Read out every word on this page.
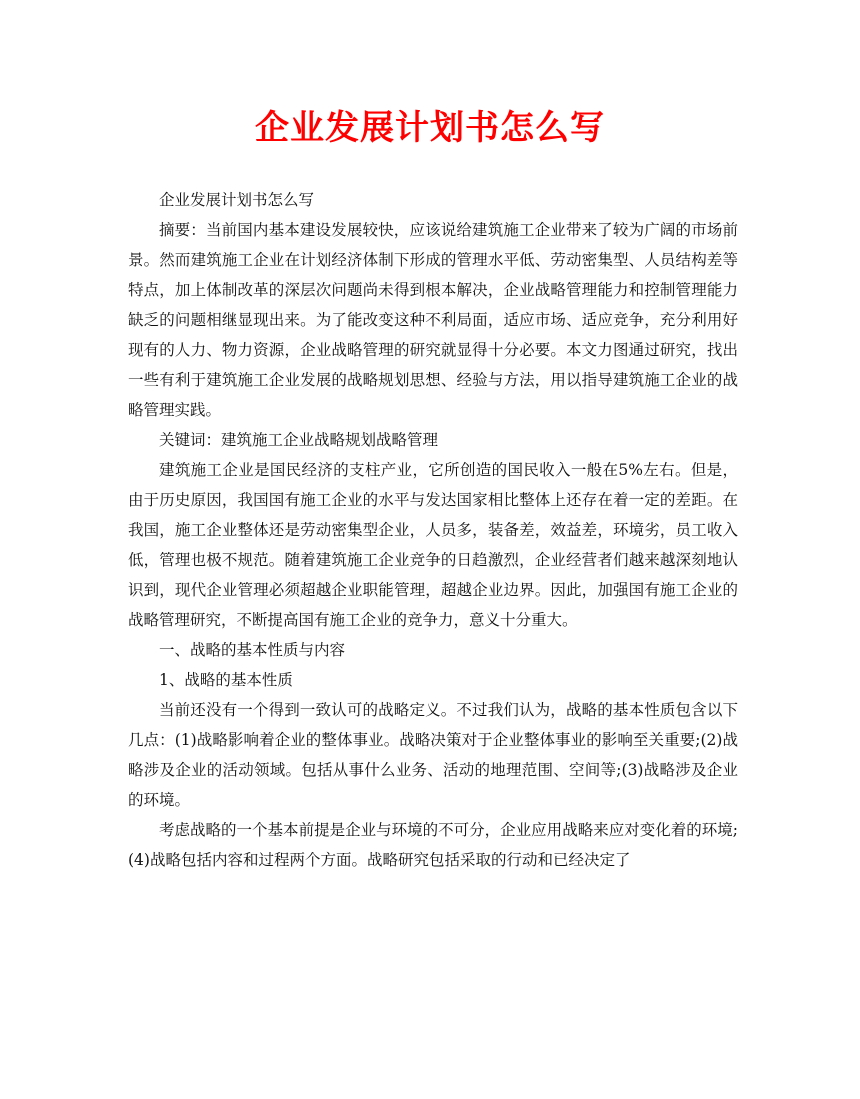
企业发展计划书怎么写

企业发展计划书怎么写

摘要：当前国内基本建设发展较快，应该说给建筑施工企业带来了较为广阔的市场前景。然而建筑施工企业在计划经济体制下形成的管理水平低、劳动密集型、人员结构差等特点，加上体制改革的深层次问题尚未得到根本解决，企业战略管理能力和控制管理能力缺乏的问题相继显现出来。为了能改变这种不利局面，适应市场、适应竞争，充分利用好现有的人力、物力资源，企业战略管理的研究就显得十分必要。本文力图通过研究，找出一些有利于建筑施工企业发展的战略规划思想、经验与方法，用以指导建筑施工企业的战略管理实践。

关键词：建筑施工企业战略规划战略管理

建筑施工企业是国民经济的支柱产业，它所创造的国民收入一般在5%左右。但是，由于历史原因，我国国有施工企业的水平与发达国家相比整体上还存在着一定的差距。在我国，施工企业整体还是劳动密集型企业，人员多，装备差，效益差，环境劣，员工收入低，管理也极不规范。随着建筑施工企业竞争的日趋激烈，企业经营者们越来越深刻地认识到，现代企业管理必须超越企业职能管理，超越企业边界。因此，加强国有施工企业的战略管理研究，不断提高国有施工企业的竞争力，意义十分重大。

一、战略的基本性质与内容

1、战略的基本性质

当前还没有一个得到一致认可的战略定义。不过我们认为，战略的基本性质包含以下几点：(1)战略影响着企业的整体事业。战略决策对于企业整体事业的影响至关重要;(2)战略涉及企业的活动领域。包括从事什么业务、活动的地理范围、空间等;(3)战略涉及企业的环境。

考虑战略的一个基本前提是企业与环境的不可分，企业应用战略来应对变化着的环境;(4)战略包括内容和过程两个方面。战略研究包括采取的行动和已经决定了
